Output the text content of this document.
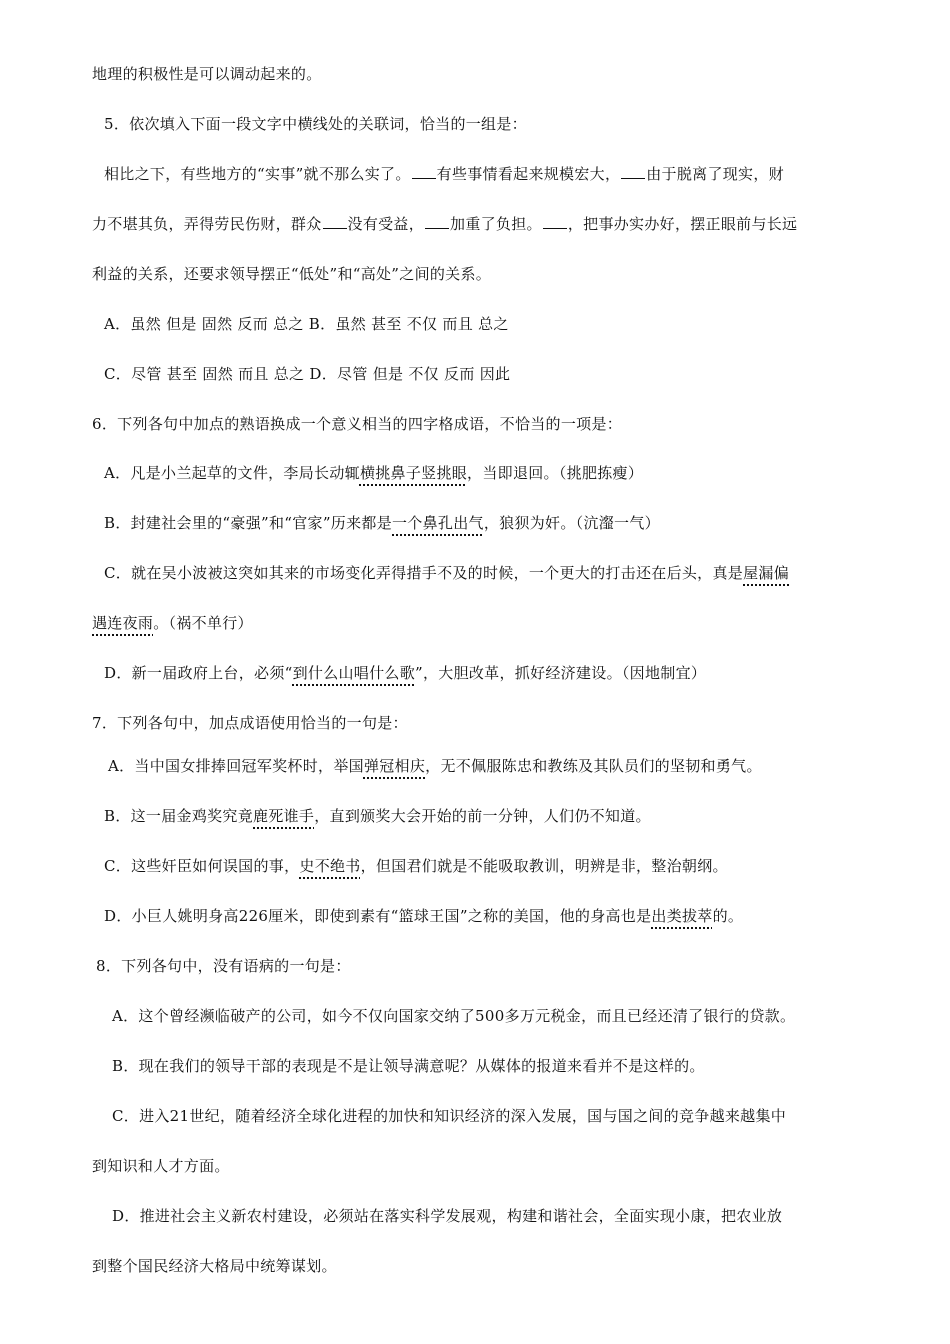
地理的积极性是可以调动起来的。
5．依次填入下面一段文字中横线处的关联词，恰当的一组是：
相比之下，有些地方的“实事”就不那么实了。 有些事情看起来规模宏大， 由于脱离了现实，财
力不堪其负，弄得劳民伤财，群众 没有受益， 加重了负担。 ，把事办实办好，摆正眼前与长远
利益的关系，还要求领导摆正“低处”和“高处”之间的关系。
A．虽然 但是 固然 反而 总之 B．虽然 甚至 不仅 而且 总之
C．尽管 甚至 固然 而且 总之 D．尽管 但是 不仅 反而 因此
6．下列各句中加点的熟语换成一个意义相当的四字格成语，不恰当的一项是：
A．凡是小兰起草的文件，李局长动辄横挑鼻子竖挑眼，当即退回。（挑肥拣瘦）
B．封建社会里的“豪强”和“官家”历来都是一个鼻孔出气，狼狈为奸。（沆瀣一气）
C．就在吴小波被这突如其来的市场变化弄得措手不及的时候，一个更大的打击还在后头，真是屋漏偏
遇连夜雨。（祸不单行）
D．新一届政府上台，必须“到什么山唱什么歌”，大胆改革，抓好经济建设。（因地制宜）
7．下列各句中，加点成语使用恰当的一句是：
A．当中国女排捧回冠军奖杯时，举国弹冠相庆，无不佩服陈忠和教练及其队员们的坚韧和勇气。
B．这一届金鸡奖究竟鹿死谁手，直到颁奖大会开始的前一分钟，人们仍不知道。
C．这些奸臣如何误国的事，史不绝书，但国君们就是不能吸取教训，明辨是非，整治朝纲。
D．小巨人姚明身高226厘米，即使到素有“篮球王国”之称的美国，他的身高也是出类拔萃的。
8．下列各句中，没有语病的一句是：
A．这个曾经濒临破产的公司，如今不仅向国家交纳了500多万元税金，而且已经还清了银行的贷款。
B．现在我们的领导干部的表现是不是让领导满意呢？从媒体的报道来看并不是这样的。
C．进入21世纪，随着经济全球化进程的加快和知识经济的深入发展，国与国之间的竞争越来越集中
到知识和人才方面。
D．推进社会主义新农村建设，必须站在落实科学发展观，构建和谐社会，全面实现小康，把农业放
到整个国民经济大格局中统筹谋划。
